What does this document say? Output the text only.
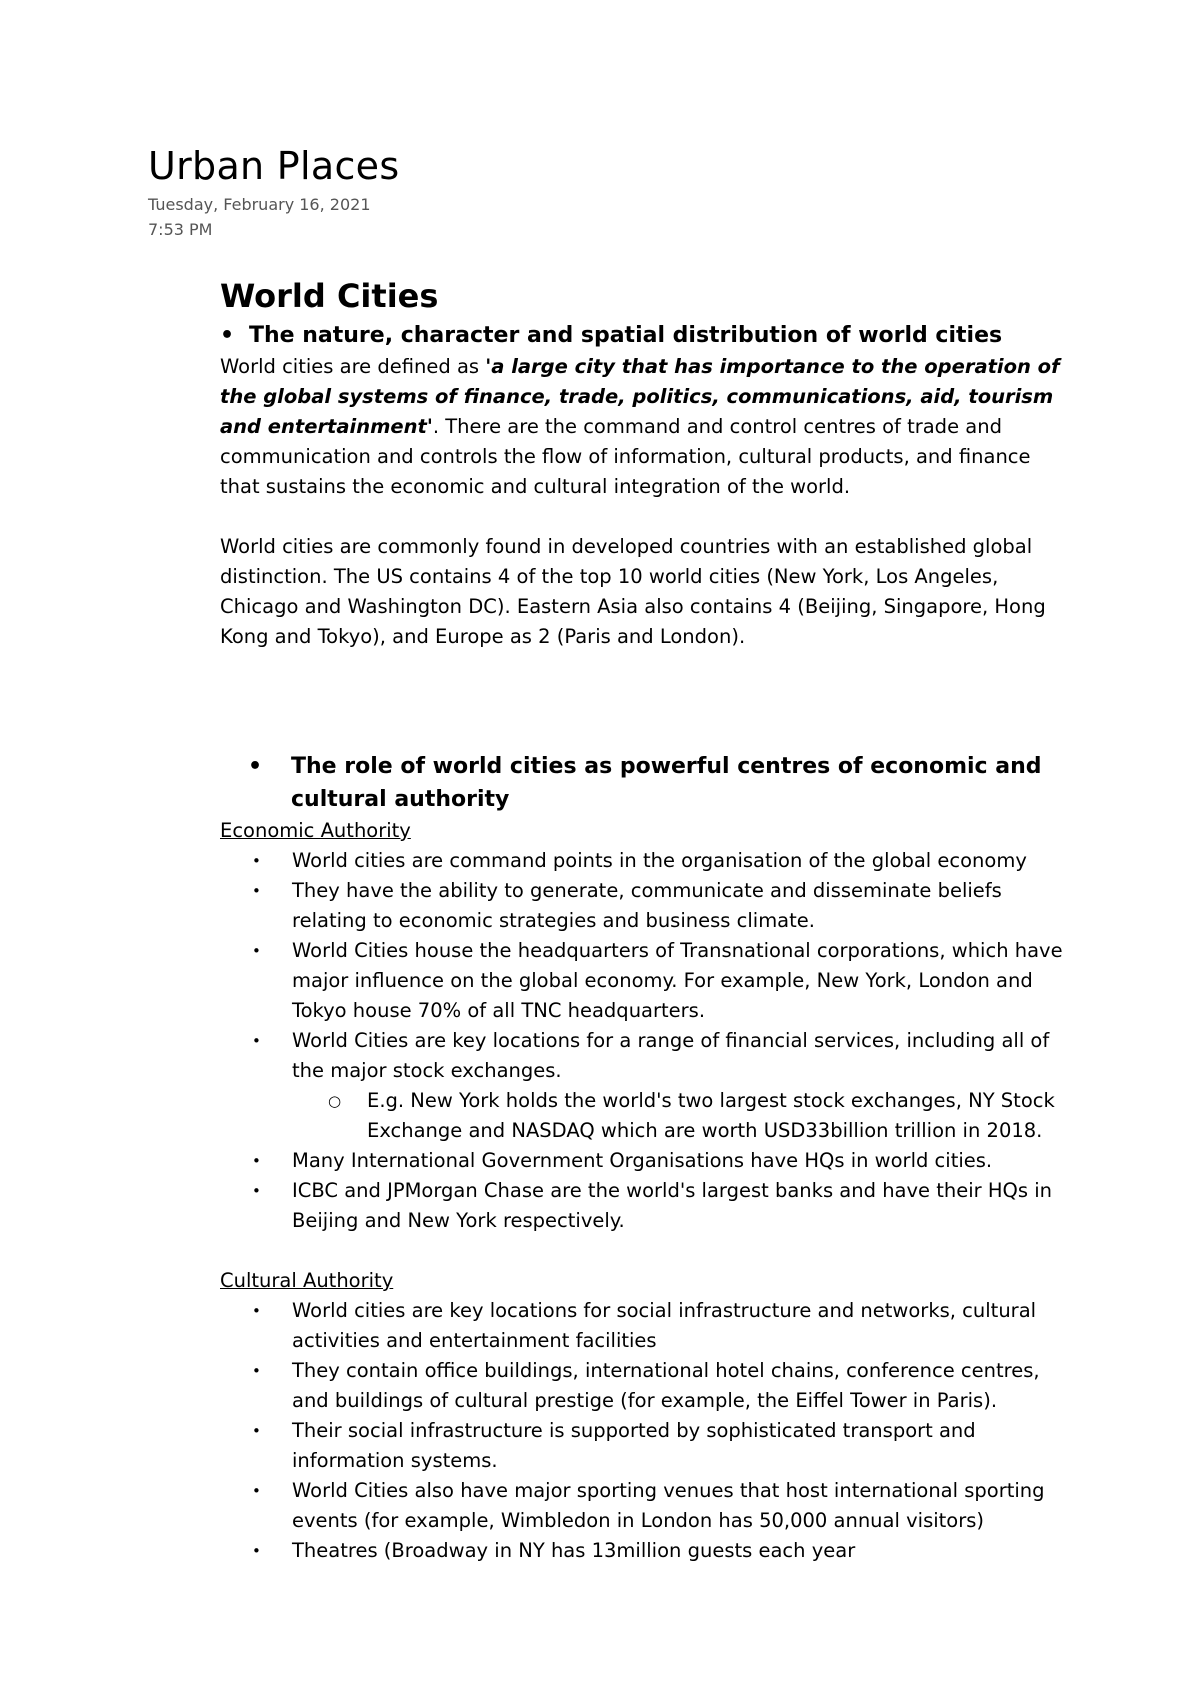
Urban Places
Tuesday, February 16, 2021
7:53 PM
World Cities
• The nature, character and spatial distribution of world cities

World cities are defined as 'a large city that has importance to the operation of the global systems of finance, trade, politics, communications, aid, tourism and entertainment'. There are the command and control centres of trade and communication and controls the flow of information, cultural products, and finance that sustains the economic and cultural integration of the world.

World cities are commonly found in developed countries with an established global distinction. The US contains 4 of the top 10 world cities (New York, Los Angeles, Chicago and Washington DC). Eastern Asia also contains 4 (Beijing, Singapore, Hong Kong and Tokyo), and Europe as 2 (Paris and London).

•	The role of world cities as powerful centres of economic and cultural authority

Economic Authority

•	World cities are command points in the organisation of the global economy
•	They have the ability to generate, communicate and disseminate beliefs relating to economic strategies and business climate.
•	World Cities house the headquarters of Transnational corporations, which have major influence on the global economy. For example, New York, London and Tokyo house 70% of all TNC headquarters.
•	World Cities are key locations for a range of financial services, including all of the major stock exchanges.
○	E.g. New York holds the world's two largest stock exchanges, NY Stock Exchange and NASDAQ which are worth USD33billion trillion in 2018.
•	Many International Government Organisations have HQs in world cities.
•	ICBC and JPMorgan Chase are the world's largest banks and have their HQs in Beijing and New York respectively.

Cultural Authority

•	World cities are key locations for social infrastructure and networks, cultural activities and entertainment facilities
•	They contain office buildings, international hotel chains, conference centres, and buildings of cultural prestige (for example, the Eiffel Tower in Paris).
•	Their social infrastructure is supported by sophisticated transport and information systems.
•	World Cities also have major sporting venues that host international sporting events (for example, Wimbledon in London has 50,000 annual visitors)
•	Theatres (Broadway in NY has 13million guests each year
